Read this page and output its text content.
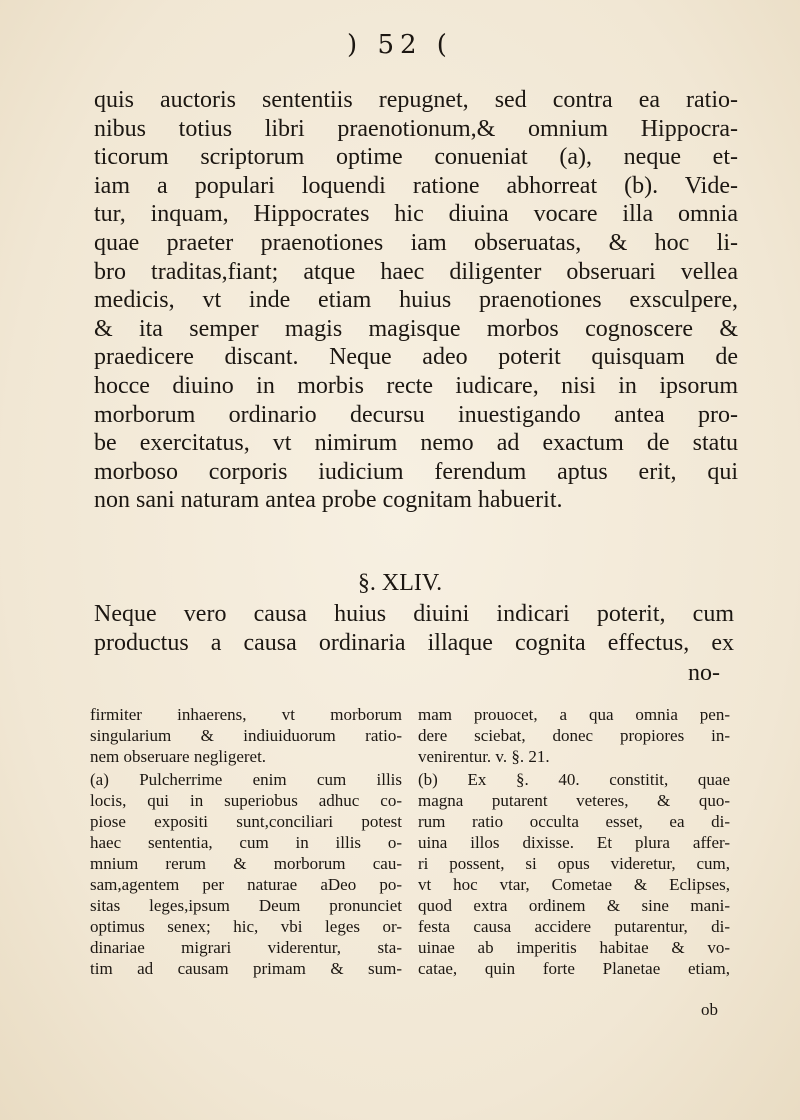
) 52 (
quis auctoris sententiis repugnet, sed contra ea ratio-
nibus totius libri praenotionum,& omnium Hippocra-
ticorum scriptorum optime conueniat (a), neque et-
iam a populari loquendi ratione abhorreat (b). Vide-
tur, inquam, Hippocrates hic diuina vocare illa omnia
quae praeter praenotiones iam obseruatas, & hoc li-
bro traditas,fiant; atque haec diligenter obseruari vellea
medicis, vt inde etiam huius praenotiones exsculpere,
& ita semper magis magisque morbos cognoscere &
praedicere discant. Neque adeo poterit quisquam de
hocce diuino in morbis recte iudicare, nisi in ipsorum
morborum ordinario decursu inuestigando antea pro-
be exercitatus, vt nimirum nemo ad exactum de statu
morboso corporis iudicium ferendum aptus erit, qui
non sani naturam antea probe cognitam habuerit.
§. XLIV.
Neque vero causa huius diuini indicari poterit, cum
productus a causa ordinaria illaque cognita effectus, ex
no-
firmiter inhaerens, vt morborum
singularium & indiuiduorum ratio-
nem obseruare negligeret.
(a) Pulcherrime enim cum illis
locis, qui in superiobus adhuc co-
piose expositi sunt,conciliari potest
haec sententia, cum in illis o-
mnium rerum & morborum cau-
sam,agentem per naturae aDeo po-
sitas leges,ipsum Deum pronunciet
optimus senex; hic, vbi leges or-
dinariae migrari viderentur, sta-
tim ad causam primam & sum-
mam prouocet, a qua omnia pen-
dere sciebat, donec propiores in-
venirentur. v. §. 21.
(b) Ex §. 40. constitit, quae
magna putarent veteres, & quo-
rum ratio occulta esset, ea di-
uina illos dixisse. Et plura affer-
ri possent, si opus videretur, cum,
vt hoc vtar, Cometae & Eclipses,
quod extra ordinem & sine mani-
festa causa accidere putarentur, di-
uinae ab imperitis habitae & vo-
catae, quin forte Planetae etiam,
ob
